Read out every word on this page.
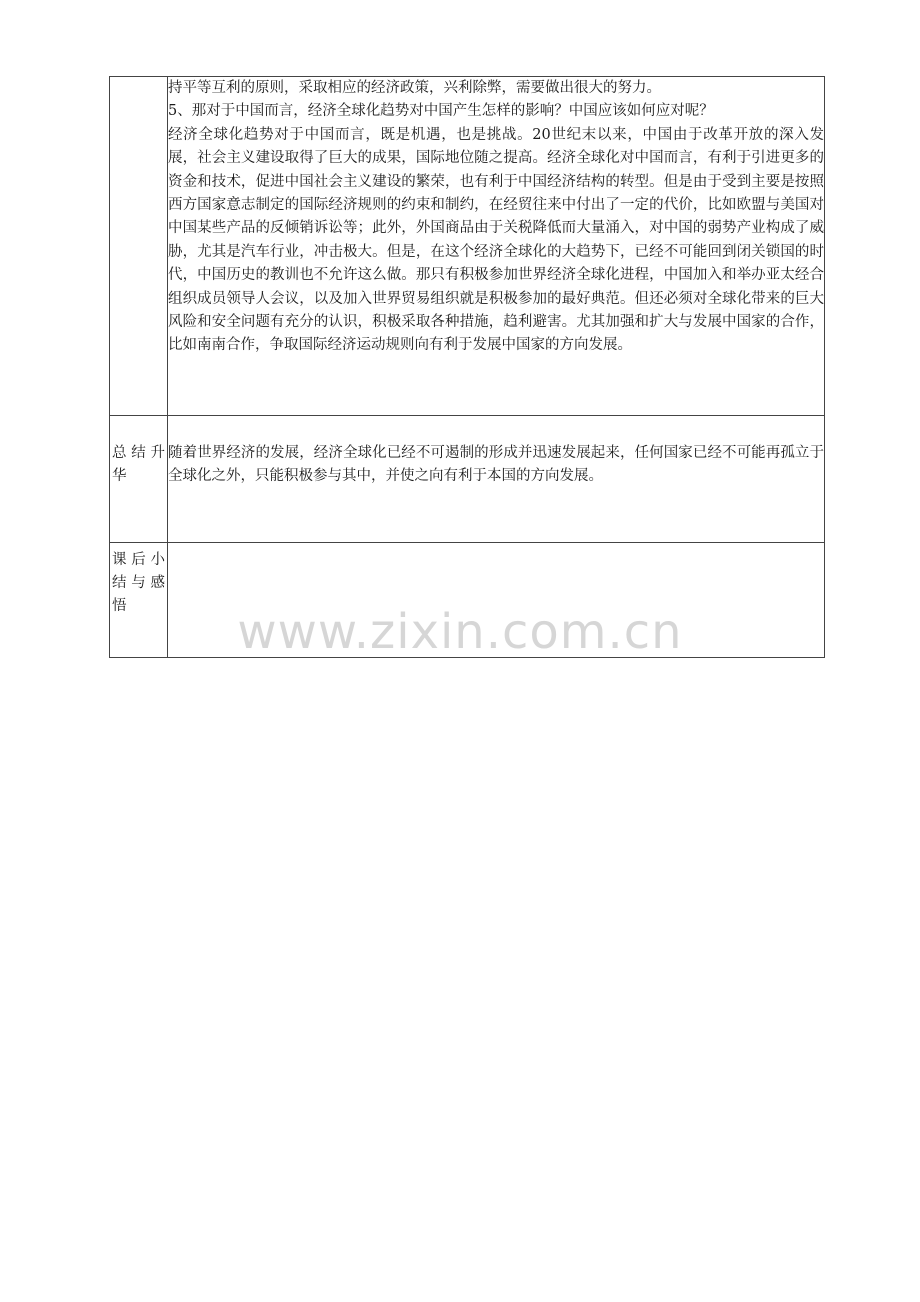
	持平等互利的原则，采取相应的经济政策，兴利除弊，需要做出很大的努力。

5、那对于中国而言，经济全球化趋势对中国产生怎样的影响？中国应该如何应对呢？

经济全球化趋势对于中国而言，既是机遇，也是挑战。20世纪末以来，中国由于改革开放的深入发展，社会主义建设取得了巨大的成果，国际地位随之提高。经济全球化对中国而言，有利于引进更多的资金和技术，促进中国社会主义建设的繁荣，也有利于中国经济结构的转型。但是由于受到主要是按照西方国家意志制定的国际经济规则的约束和制约，在经贸往来中付出了一定的代价，比如欧盟与美国对中国某些产品的反倾销诉讼等；此外，外国商品由于关税降低而大量涌入，对中国的弱势产业构成了威胁，尤其是汽车行业，冲击极大。但是，在这个经济全球化的大趋势下，已经不可能回到闭关锁国的时代，中国历史的教训也不允许这么做。那只有积极参加世界经济全球化进程，中国加入和举办亚太经合组织成员领导人会议，以及加入世界贸易组织就是积极参加的最好典范。但还必须对全球化带来的巨大风险和安全问题有充分的认识，积极采取各种措施，趋利避害。尤其加强和扩大与发展中国家的合作，比如南南合作，争取国际经济运动规则向有利于发展中国家的方向发展。

总 结 升华	随着世界经济的发展，经济全球化已经不可遏制的形成并迅速发展起来，任何国家已经不可能再孤立于全球化之外，只能积极参与其中，并使之向有利于本国的方向发展。

课 后 小 结 与 感 悟	
		www.zixin.com.cn
